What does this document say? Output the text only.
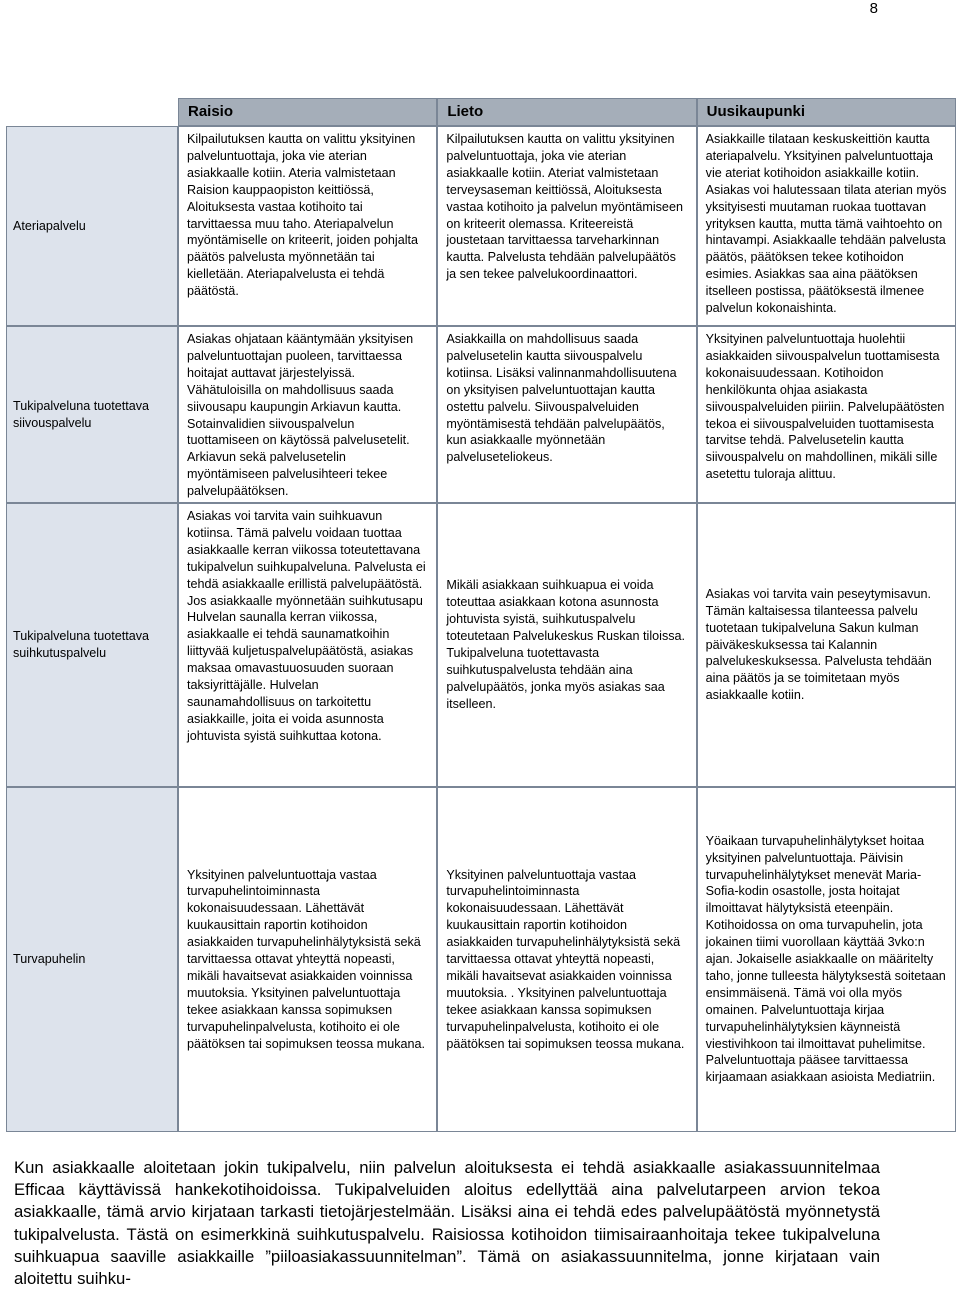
8
Raisio	Lieto	Uusikaupunki
Ateriapalvelu
Kilpailutuksen kautta on valittu yksityinen palveluntuottaja, joka vie aterian asiakkaalle kotiin. Ateria valmistetaan Raision kauppaopiston keittiössä, Aloituksesta vastaa kotihoito tai tarvittaessa muu taho. Ateriapalvelun myöntämiselle on kriteerit, joiden pohjalta päätös palvelusta myönnetään tai kielletään. Ateriapalvelusta ei tehdä päätöstä.
Kilpailutuksen kautta on valittu yksityinen palveluntuottaja, joka vie aterian asiakkaalle kotiin. Ateriat valmistetaan terveysaseman keittiössä, Aloituksesta vastaa kotihoito ja palvelun myöntämiseen on kriteerit olemassa. Kriteereistä joustetaan tarvittaessa tarveharkinnan kautta. Palvelusta tehdään palvelupäätös ja sen tekee palvelukoordinaattori.
Asiakkaille tilataan keskuskeittiön kautta ateriapalvelu. Yksityinen palveluntuottaja vie ateriat kotihoidon asiakkaille kotiin. Asiakas voi halutessaan tilata aterian myös yksityisesti muutaman ruokaa tuottavan yrityksen kautta, mutta tämä vaihtoehto on hintavampi. Asiakkaalle tehdään palvelusta päätös, päätöksen tekee kotihoidon esimies. Asiakkas saa aina päätöksen itselleen postissa, päätöksestä ilmenee palvelun kokonaishinta.
Tukipalveluna tuotettava siivouspalvelu
Asiakas ohjataan kääntymään yksityisen palveluntuottajan puoleen, tarvittaessa hoitajat auttavat järjestelyissä. Vähätuloisilla on mahdollisuus saada siivousapu kaupungin Arkiavun kautta. Sotainvalidien siivouspalvelun tuottamiseen on käytössä palvelusetelit. Arkiavun sekä palvelusetelin myöntämiseen palvelusihteeri tekee palvelupäätöksen.
Asiakkailla on mahdollisuus saada palvelusetelin kautta siivouspalvelu kotiinsa. Lisäksi valinnanmahdollisuutena on yksityisen palveluntuottajan kautta ostettu palvelu. Siivouspalveluiden myöntämisestä tehdään palvelupäätös, kun asiakkaalle myönnetään palveluseteliokeus.
Yksityinen palveluntuottaja huolehtii asiakkaiden siivouspalvelun tuottamisesta kokonaisuudessaan. Kotihoidon henkilökunta ohjaa asiakasta siivouspalveluiden piiriin. Palvelupäätösten tekoa ei siivouspalveluiden tuottamisesta tarvitse tehdä. Palvelusetelin kautta siivouspalvelu on mahdollinen, mikäli sille asetettu tuloraja alittuu.
Tukipalveluna tuotettava suihkutuspalvelu
Asiakas voi tarvita vain suihkuavun kotiinsa. Tämä palvelu voidaan tuottaa asiakkaalle kerran viikossa toteutettavana tukipalvelun suihkupalveluna. Palvelusta ei tehdä asiakkaalle erillistä palvelupäätöstä. Jos asiakkaalle myönnetään suihkutusapu Hulvelan saunalla kerran viikossa, asiakkaalle ei tehdä saunamatkoihin liittyvää kuljetuspalvelupäätöstä, asiakas maksaa omavastuuosuuden suoraan taksiyrittäjälle. Hulvelan saunamahdollisuus on tarkoitettu asiakkaille, joita ei voida asunnosta johtuvista syistä suihkuttaa kotona.
Mikäli asiakkaan suihkuapua ei voida toteuttaa asiakkaan kotona asunnosta johtuvista syistä, suihkutuspalvelu toteutetaan Palvelukeskus Ruskan tiloissa. Tukipalveluna tuotettavasta suihkutuspalvelusta tehdään aina palvelupäätös, jonka myös asiakas saa itselleen.
Asiakas voi tarvita vain peseytymisavun. Tämän kaltaisessa tilanteessa palvelu tuotetaan tukipalveluna Sakun kulman päiväkeskuksessa tai Kalannin palvelukeskuksessa. Palvelusta tehdään aina päätös ja se toimitetaan myös asiakkaalle kotiin.
Turvapuhelin
Yksityinen palveluntuottaja vastaa turvapuhelintoiminnasta kokonaisuudessaan. Lähettävät kuukausittain raportin kotihoidon asiakkaiden turvapuhelinhälytyksistä sekä tarvittaessa ottavat yhteyttä nopeasti, mikäli havaitsevat asiakkaiden voinnissa muutoksia. Yksityinen palveluntuottaja tekee asiakkaan kanssa sopimuksen turvapuhelinpalvelusta, kotihoito ei ole päätöksen tai sopimuksen teossa mukana.
Yksityinen palveluntuottaja vastaa turvapuhelintoiminnasta kokonaisuudessaan. Lähettävät kuukausittain raportin kotihoidon asiakkaiden turvapuhelinhälytyksistä sekä tarvittaessa ottavat yhteyttä nopeasti, mikäli havaitsevat asiakkaiden voinnissa muutoksia. . Yksityinen palveluntuottaja tekee asiakkaan kanssa sopimuksen turvapuhelinpalvelusta, kotihoito ei ole päätöksen tai sopimuksen teossa mukana.
Yöaikaan turvapuhelinhälytykset hoitaa yksityinen palveluntuottaja. Päivisin turvapuhelinhälytykset menevät Maria-Sofia-kodin osastolle, josta hoitajat ilmoittavat hälytyksistä eteenpäin. Kotihoidossa on oma turvapuhelin, jota jokainen tiimi vuorollaan käyttää 3vko:n ajan. Jokaiselle asiakkaalle on määritelty taho, jonne tulleesta hälytyksestä soitetaan ensimmäisenä. Tämä voi olla myös omainen. Palveluntuottaja kirjaa turvapuhelinhälytyksien käynneistä viestivihkoon tai ilmoittavat puhelimitse. Palveluntuottaja pääsee tarvittaessa kirjaamaan asiakkaan asioista Mediatriin.

Kun asiakkaalle aloitetaan jokin tukipalvelu, niin palvelun aloituksesta ei tehdä asiakkaalle asiakassuunnitelmaa Efficaa käyttävissä hankekotihoidoissa. Tukipalveluiden aloitus edellyttää aina palvelutarpeen arvion tekoa asiakkaalle, tämä arvio kirjataan tarkasti tietojärjestelmään. Lisäksi aina ei tehdä edes palvelupäätöstä myönnetystä tukipalvelusta. Tästä on esimerkkinä suihkutuspalvelu. Raisiossa kotihoidon tiimisairaanhoitaja tekee tukipalveluna suihkuapua saaville asiakkaille ”piiloasiakassuunnitelman”. Tämä on asiakassuunnitelma, jonne kirjataan vain aloitettu suihku-
